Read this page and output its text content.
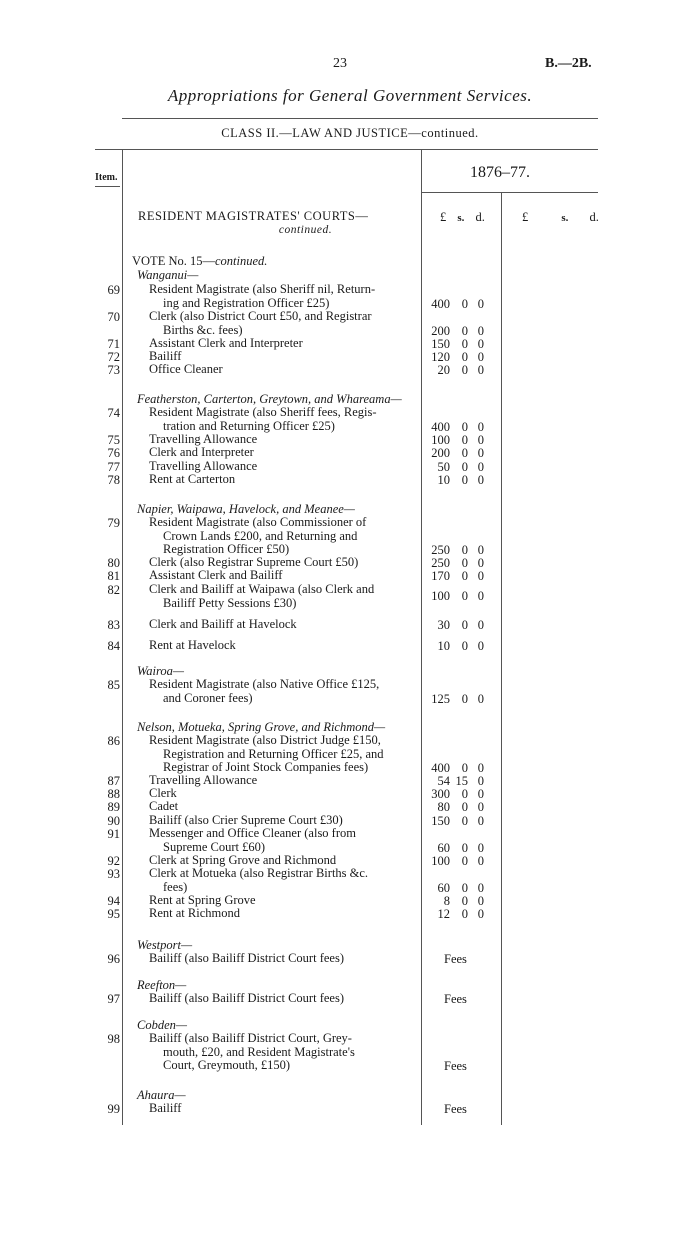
23	B.—2B.
Appropriations for General Government Services.
CLASS II.—LAW AND JUSTICE—continued.
Item.	1876–77.
RESIDENT MAGISTRATES' COURTS—
continued.
£ s. d.	£	s. d.
VOTE No. 15—continued.
Wanganui—
69 Resident Magistrate (also Sheriff nil, Return-
ing and Registration Officer £25)	400 0 0
70 Clerk (also District Court £50, and Registrar
Births &c. fees)	200 0 0
71 Assistant Clerk and Interpreter	150 0 0
72 Bailiff	120 0 0
73 Office Cleaner	20 0 0
Featherston, Carterton, Greytown, and Whareama—
74 Resident Magistrate (also Sheriff fees, Regis-
tration and Returning Officer £25)	400 0 0
75 Travelling Allowance	100 0 0
76 Clerk and Interpreter	200 0 0
77 Travelling Allowance	50 0 0
78 Rent at Carterton	10 0 0
Napier, Waipawa, Havelock, and Meanee—
79 Resident Magistrate (also Commissioner of
Crown Lands £200, and Returning and
Registration Officer £50)	250 0 0
80 Clerk (also Registrar Supreme Court £50)	250 0 0
81 Assistant Clerk and Bailiff	170 0 0
82 Clerk and Bailiff at Waipawa (also Clerk and
Bailiff Petty Sessions £30)	100 0 0
83 Clerk and Bailiff at Havelock	30 0 0
84 Rent at Havelock	10 0 0
Wairoa—
85 Resident Magistrate (also Native Office £125,
and Coroner fees)	125 0 0
Nelson, Motueka, Spring Grove, and Richmond—
86 Resident Magistrate (also District Judge £150,
Registration and Returning Officer £25, and
Registrar of Joint Stock Companies fees)	400 0 0
87 Travelling Allowance	54 15 0
88 Clerk	300 0 0
89 Cadet	80 0 0
90 Bailiff (also Crier Supreme Court £30)	150 0 0
91 Messenger and Office Cleaner (also from
Supreme Court £60)	60 0 0
92 Clerk at Spring Grove and Richmond	100 0 0
93 Clerk at Motueka (also Registrar Births &c.
fees)	60 0 0
94 Rent at Spring Grove	8 0 0
95 Rent at Richmond	12 0 0
Westport—
96 Bailiff (also Bailiff District Court fees)	Fees
Reefton—
97 Bailiff (also Bailiff District Court fees)	Fees
Cobden—
98 Bailiff (also Bailiff District Court, Grey-
mouth, £20, and Resident Magistrate's
Court, Greymouth, £150)	Fees
Ahaura—
99 Bailiff	Fees
